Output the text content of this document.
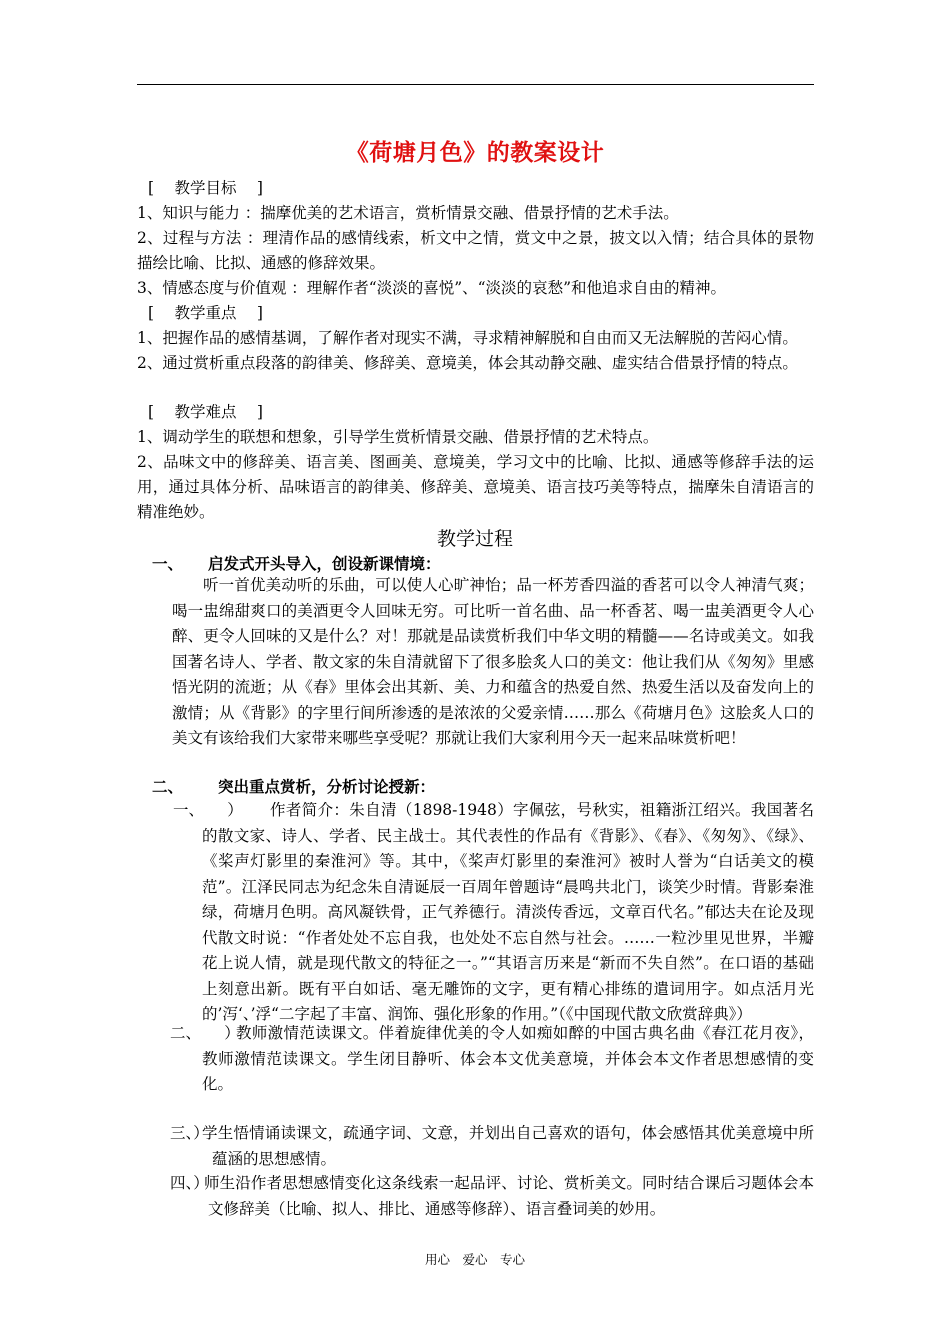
《荷塘月色》的教案设计
[　 教学目标 　]
1、知识与能力 ：揣摩优美的艺术语言，赏析情景交融、借景抒情的艺术手法。
2、过程与方法 ：理清作品的感情线索，析文中之情，赏文中之景，披文以入情；结合具体的景物描绘比喻、比拟、通感的修辞效果。
3、情感态度与价值观 ：理解作者“淡淡的喜悦”、“淡淡的哀愁”和他追求自由的精神。
[　 教学重点 　]
1、把握作品的感情基调，了解作者对现实不满，寻求精神解脱和自由而又无法解脱的苦闷心情。
2、通过赏析重点段落的韵律美、修辞美、意境美，体会其动静交融、虚实结合借景抒情的特点。
[　 教学难点 　]
1、调动学生的联想和想象，引导学生赏析情景交融、借景抒情的艺术特点。
2、品味文中的修辞美、语言美、图画美、意境美，学习文中的比喻、比拟、通感等修辞手法的运用，通过具体分析、品味语言的韵律美、修辞美、意境美、语言技巧美等特点，揣摩朱自清语言的精准绝妙。
教学过程
一、 启发式开头导入，创设新课情境：
听一首优美动听的乐曲，可以使人心旷神怡；品一杯芳香四溢的香茗可以令人神清气爽；喝一盅绵甜爽口的美酒更令人回味无穷。可比听一首名曲、品一杯香茗、喝一盅美酒更令人心醉、更令人回味的又是什么？对！那就是品读赏析我们中华文明的精髓——名诗或美文。如我国著名诗人、学者、散文家的朱自清就留下了很多脍炙人口的美文：他让我们从《匆匆》里感悟光阴的流逝；从《春》里体会出其新、美、力和蕴含的热爱自然、热爱生活以及奋发向上的激情；从《背影》的字里行间所渗透的是浓浓的父爱亲情……那么《荷塘月色》这脍炙人口的美文有该给我们大家带来哪些享受呢？那就让我们大家利用今天一起来品味赏析吧！
二、 突出重点赏析，分析讨论授新：
一、　　）	作者简介：朱自清（1898-1948）字佩弦，号秋实，祖籍浙江绍兴。我国著名的散文家、诗人、学者、民主战士。其代表性的作品有《背影》、《春》、《匆匆》、《绿》、《桨声灯影里的秦淮河》等。其中，《桨声灯影里的秦淮河》被时人誉为“白话美文的模范”。江泽民同志为纪念朱自清诞辰一百周年曾题诗“晨鸣共北门，谈笑少时情。背影秦淮绿，荷塘月色明。高风凝铁骨，正气养德行。清淡传香远，文章百代名。”郁达夫在论及现代散文时说：“作者处处不忘自我，也处处不忘自然与社会。……一粒沙里见世界，半瓣花上说人情，就是现代散文的特征之一。”“其语言历来是“新而不失自然”。在口语的基础上刻意出新。既有平白如话、毫无雕饰的文字，更有精心排练的遣词用字。如点活月光的’泻‘、’浮“二字起了丰富、润饰、强化形象的作用。”（《中国现代散文欣赏辞典》）
二、　　）
教师激情范读课文。伴着旋律优美的令人如痴如醉的中国古典名曲《春江花月夜》，教师激情范读课文。学生闭目静听、体会本文优美意境，并体会本文作者思想感情的变化。
三、）
学生悟情诵读课文，疏通字词、文意，并划出自己喜欢的语句，体会感悟其优美意境中所蕴涵的思想感情。
四、）
师生沿作者思想感情变化这条线索一起品评、讨论、赏析美文。同时结合课后习题体会本文修辞美（比喻、拟人、排比、通感等修辞）、语言叠词美的妙用。
用心　爱心　专心
